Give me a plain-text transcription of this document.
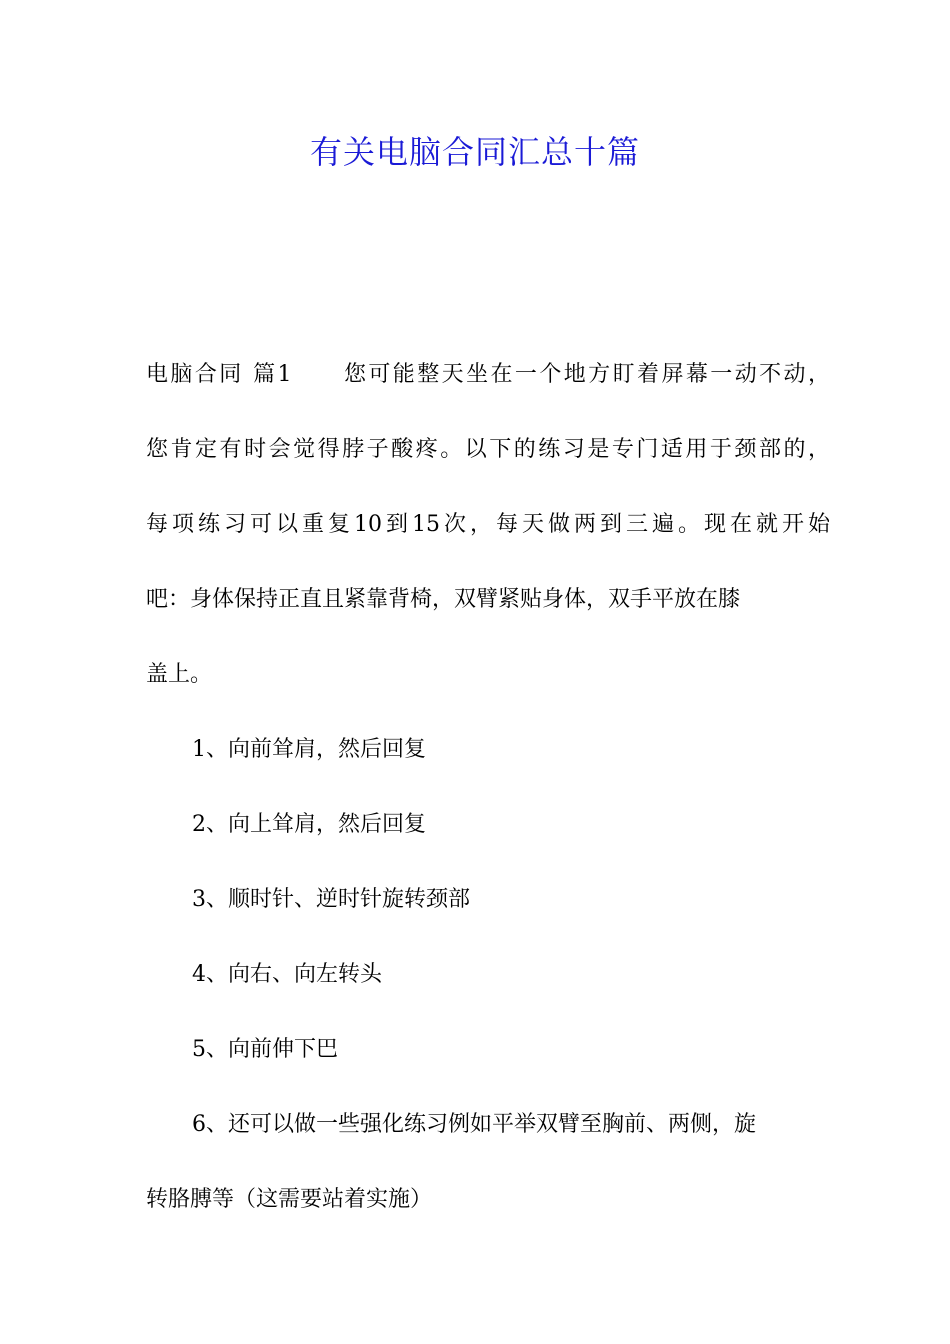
有关电脑合同汇总十篇
电脑合同 篇1 您可能整天坐在一个地方盯着屏幕一动不动，
您肯定有时会觉得脖子酸疼。以下的练习是专门适用于颈部的，
每项练习可以重复10到15次，每天做两到三遍。现在就开始
吧：身体保持正直且紧靠背椅，双臂紧贴身体，双手平放在膝
盖上。
1、向前耸肩，然后回复
2、向上耸肩，然后回复
3、顺时针、逆时针旋转颈部
4、向右、向左转头
5、向前伸下巴
6、还可以做一些强化练习例如平举双臂至胸前、两侧，旋
转胳膊等（这需要站着实施）
